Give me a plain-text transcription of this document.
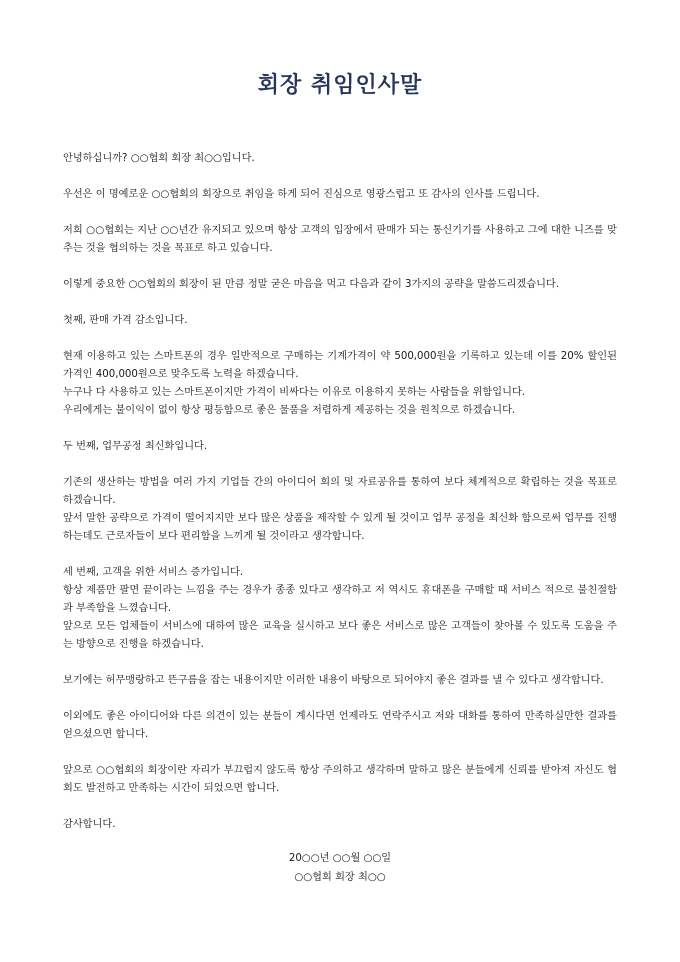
회장 취임인사말

안녕하십니까? ○○협회 회장 최○○입니다.

우선은 이 명예로운 ○○협회의 회장으로 취임을 하게 되어 진심으로 영광스럽고 또 감사의 인사를 드립니다.

저희 ○○협회는 지난 ○○년간 유지되고 있으며 항상 고객의 입장에서 판매가 되는 통신기기를 사용하고 그에 대한 니즈를 맞추는 것을 협의하는 것을 목표로 하고 있습니다.

이렇게 중요한 ○○협회의 회장이 된 만큼 정말 굳은 마음을 먹고 다음과 같이 3가지의 공략을 말씀드리겠습니다.

첫째, 판매 가격 감소입니다.

현재 이용하고 있는 스마트폰의 경우 일반적으로 구매하는 기계가격이 약 500,000원을 기록하고 있는데 이를 20% 할인된 가격인 400,000원으로 맞추도록 노력을 하겠습니다.
누구나 다 사용하고 있는 스마트폰이지만 가격이 비싸다는 이유로 이용하지 못하는 사람들을 위함입니다.
우리에게는 불이익이 없이 항상 평등함으로 좋은 물품을 저렴하게 제공하는 것을 원칙으로 하겠습니다.

두 번째, 업무공정 최신화입니다.

기존의 생산하는 방법을 여러 가지 기업들 간의 아이디어 회의 및 자료공유를 통하여 보다 체계적으로 확립하는 것을 목표로 하겠습니다.
앞서 말한 공략으로 가격이 떨어지지만 보다 많은 상품을 제작할 수 있게 될 것이고 업무 공정을 최신화 함으로써 업무를 진행하는데도 근로자들이 보다 편리함을 느끼게 될 것이라고 생각합니다.
세 번째, 고객을 위한 서비스 증가입니다.
항상 제품만 팔면 끝이라는 느낌을 주는 경우가 종종 있다고 생각하고 저 역시도 휴대폰을 구매할 때 서비스 적으로 불친절함과 부족함을 느꼈습니다.
앞으로 모든 업체들이 서비스에 대하여 많은 교육을 실시하고 보다 좋은 서비스로 많은 고객들이 찾아볼 수 있도록 도움을 주는 방향으로 진행을 하겠습니다.

보기에는 허무맹랑하고 뜬구름을 잡는 내용이지만 이러한 내용이 바탕으로 되어야지 좋은 결과를 낼 수 있다고 생각합니다.

이외에도 좋은 아이디어와 다른 의견이 있는 분들이 계시다면 언제라도 연락주시고 저와 대화를 통하여 만족하실만한 결과를 얻으셨으면 합니다.

앞으로 ○○협회의 회장이란 자리가 부끄럽지 않도록 항상 주의하고 생각하며 말하고 많은 분들에게 신뢰를 받아져 자신도 협회도 발전하고 만족하는 시간이 되었으면 합니다.

감사합니다.

20○○년 ○○월 ○○일
○○협회 회장 최○○
